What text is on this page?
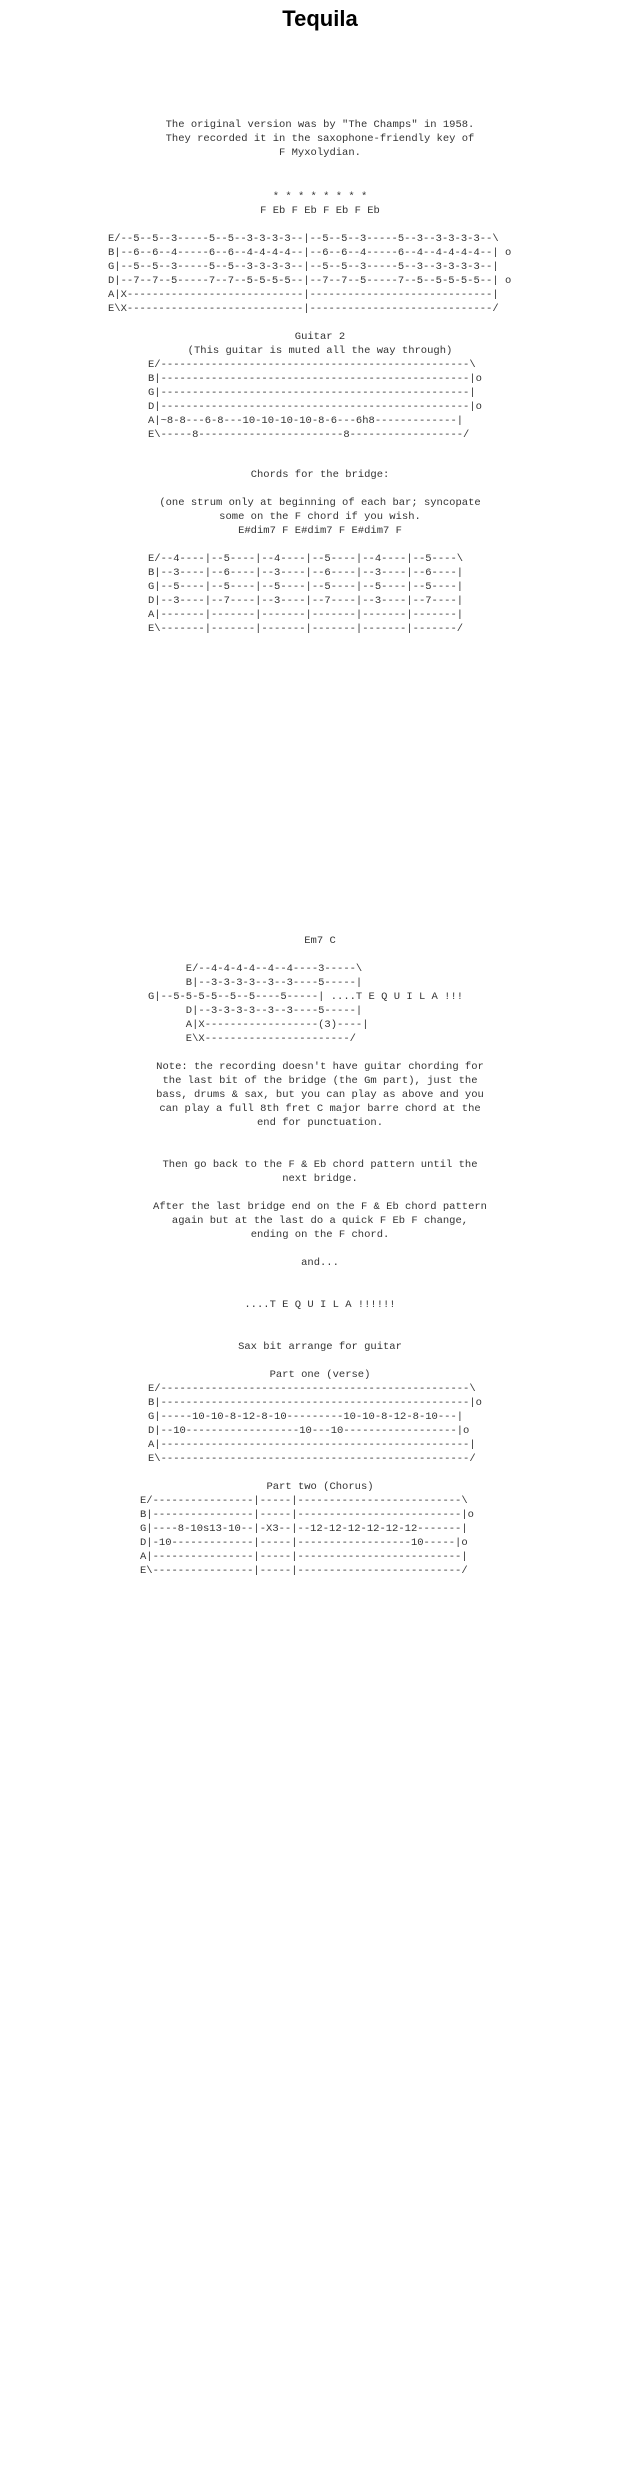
Tequila
The original version was by "The Champs" in 1958.
They recorded it in the saxophone-friendly key of
F Myxolydian.
* * * * * * * *
F Eb F Eb F Eb F Eb
E/--5--5--3-----5--5--3-3-3-3--|--5--5--3-----5--3--3-3-3-3--\
B|--6--6--4-----6--6--4-4-4-4--|--6--6--4-----6--4--4-4-4-4--| o
G|--5--5--3-----5--5--3-3-3-3--|--5--5--3-----5--3--3-3-3-3--|
D|--7--7--5-----7--7--5-5-5-5--|--7--7--5-----7--5--5-5-5-5--| o
A|X----------------------------|-----------------------------|
E\X----------------------------|-----------------------------/
Guitar 2
(This guitar is muted all the way through)
E/-------------------------------------------------\
B|-------------------------------------------------|o
G|-------------------------------------------------|
D|-------------------------------------------------|o
A|~8-8---6-8---10-10-10-10-8-6---6h8-------------|
E\-----8-----------------------8------------------/
Chords for the bridge:
(one strum only at beginning of each bar; syncopate
some on the F chord if you wish.
E#dim7 F E#dim7 F E#dim7 F
E/--4----|--5----|--4----|--5----|--4----|--5----\
B|--3----|--6----|--3----|--6----|--3----|--6----|
G|--5----|--5----|--5----|--5----|--5----|--5----|
D|--3----|--7----|--3----|--7----|--3----|--7----|
A|-------|-------|-------|-------|-------|-------|
E\-------|-------|-------|-------|-------|-------/
Em7 C
E/--4-4-4-4--4--4----3-----\
B|--3-3-3-3--3--3----5-----|
G|--5-5-5-5--5--5----5-----| ....T E Q U I L A !!!
D|--3-3-3-3--3--3----5-----|
A|X------------------(3)----|
E\X-----------------------/
Note: the recording doesn't have guitar chording for
the last bit of the bridge (the Gm part), just the
bass, drums & sax, but you can play as above and you
can play a full 8th fret C major barre chord at the
end for punctuation.
Then go back to the F & Eb chord pattern until the
next bridge.
After the last bridge end on the F & Eb chord pattern
again but at the last do a quick F Eb F change,
ending on the F chord.
and...
....T E Q U I L A !!!!!!
Sax bit arrange for guitar
Part one (verse)
E/-------------------------------------------------\
B|-------------------------------------------------|o
G|-----10-10-8-12-8-10---------10-10-8-12-8-10---|
D|--10------------------10---10------------------|o
A|-------------------------------------------------|
E\-------------------------------------------------/
Part two (Chorus)
E/----------------|-----|--------------------------\
B|----------------|-----|--------------------------|o
G|----8-10s13-10--|-X3--|--12-12-12-12-12-12-------|
D|-10-------------|-----|------------------10-----|o
A|----------------|-----|--------------------------|
E\----------------|-----|--------------------------/
